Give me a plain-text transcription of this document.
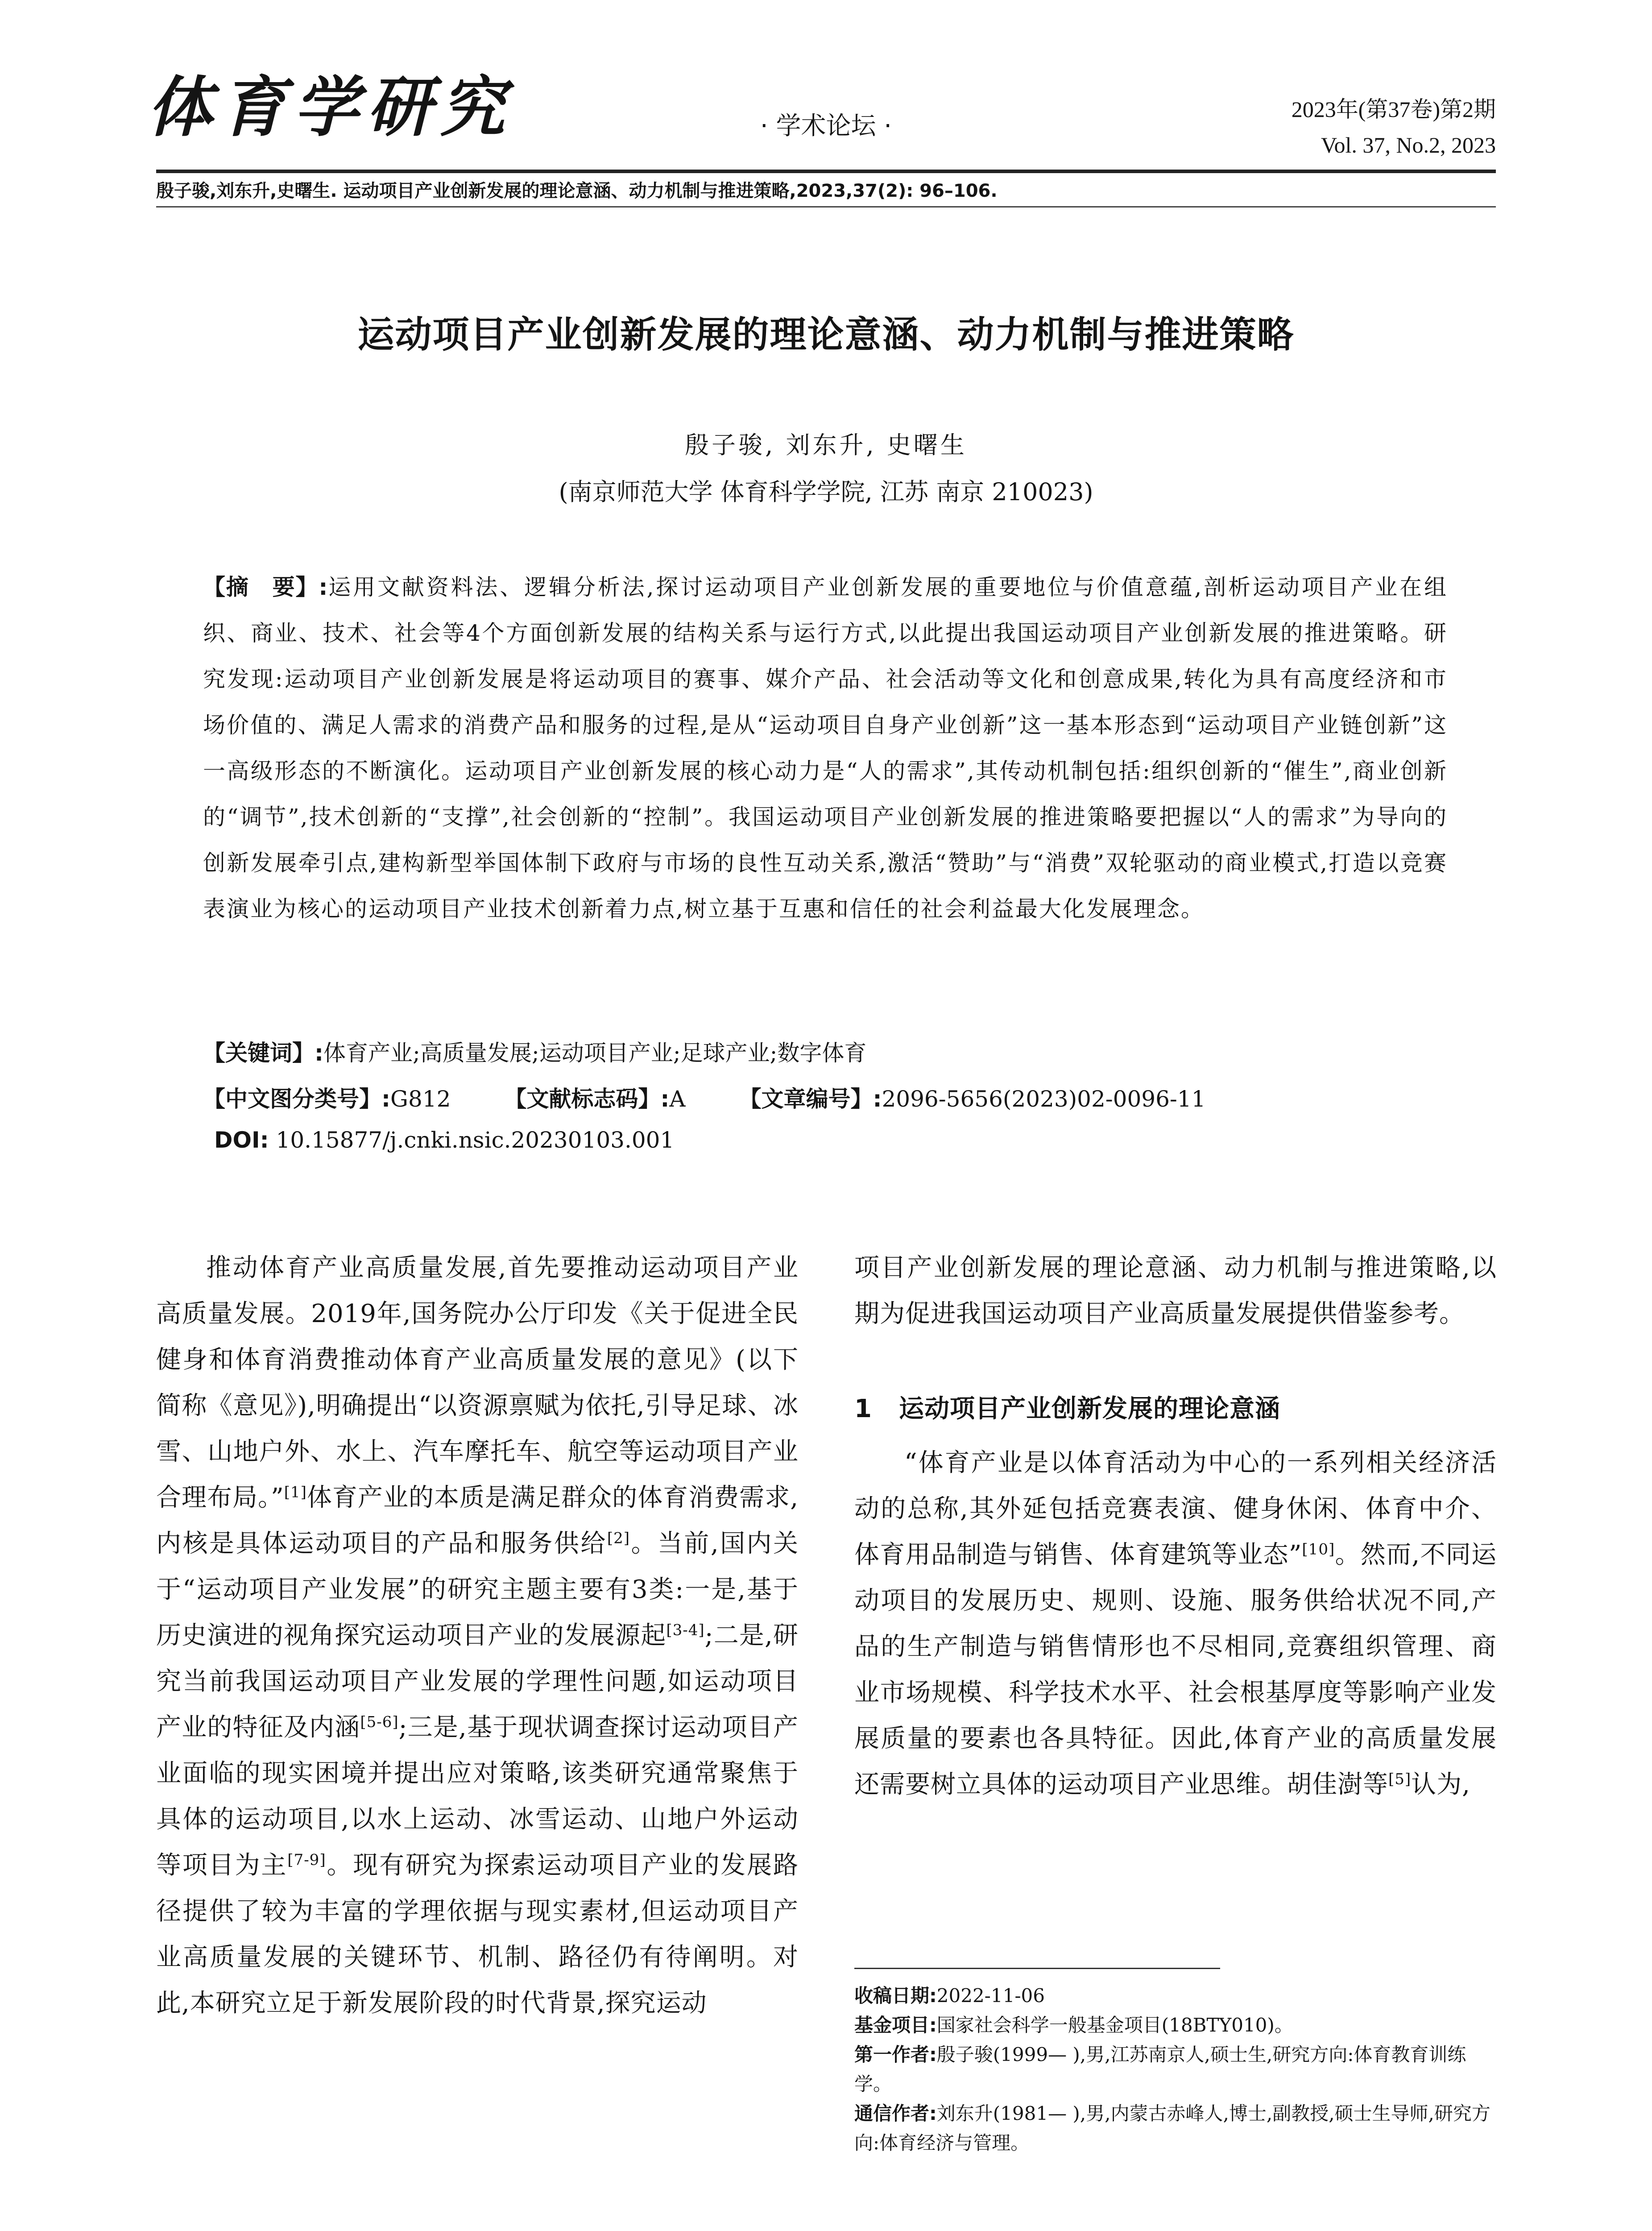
体育学研究	· 学术论坛 ·
2023年(第37卷)第2期
Vol. 37, No.2, 2023
殷子骏,刘东升,史曙生. 运动项目产业创新发展的理论意涵、动力机制与推进策略,2023,37(2): 96–106.
运动项目产业创新发展的理论意涵、动力机制与推进策略
殷子骏, 刘东升, 史曙生
(南京师范大学 体育科学学院, 江苏 南京 210023)
【摘　要】:运用文献资料法、逻辑分析法,探讨运动项目产业创新发展的重要地位与价值意蕴,剖析运动项目产业在组织、商业、技术、社会等4个方面创新发展的结构关系与运行方式,以此提出我国运动项目产业创新发展的推进策略。研究发现:运动项目产业创新发展是将运动项目的赛事、媒介产品、社会活动等文化和创意成果,转化为具有高度经济和市场价值的、满足人需求的消费产品和服务的过程,是从“运动项目自身产业创新”这一基本形态到“运动项目产业链创新”这一高级形态的不断演化。运动项目产业创新发展的核心动力是“人的需求”,其传动机制包括:组织创新的“催生”,商业创新的“调节”,技术创新的“支撑”,社会创新的“控制”。我国运动项目产业创新发展的推进策略要把握以“人的需求”为导向的创新发展牵引点,建构新型举国体制下政府与市场的良性互动关系,激活“赞助”与“消费”双轮驱动的商业模式,打造以竞赛表演业为核心的运动项目产业技术创新着力点,树立基于互惠和信任的社会利益最大化发展理念。
【关键词】:体育产业;高质量发展;运动项目产业;足球产业;数字体育
【中文图分类号】:G812 【文献标志码】:A 【文章编号】:2096-5656(2023)02-0096-11
DOI: 10.15877/j.cnki.nsic.20230103.001

推动体育产业高质量发展,首先要推动运动项目产业高质量发展。2019年,国务院办公厅印发《关于促进全民健身和体育消费推动体育产业高质量发展的意见》(以下简称《意见》),明确提出“以资源禀赋为依托,引导足球、冰雪、山地户外、水上、汽车摩托车、航空等运动项目产业合理布局。”[1]体育产业的本质是满足群众的体育消费需求,内核是具体运动项目的产品和服务供给[2]。当前,国内关于“运动项目产业发展”的研究主题主要有3类:一是,基于历史演进的视角探究运动项目产业的发展源起[3-4];二是,研究当前我国运动项目产业发展的学理性问题,如运动项目产业的特征及内涵[5-6];三是,基于现状调查探讨运动项目产业面临的现实困境并提出应对策略,该类研究通常聚焦于具体的运动项目,以水上运动、冰雪运动、山地户外运动等项目为主[7-9]。现有研究为探索运动项目产业的发展路径提供了较为丰富的学理依据与现实素材,但运动项目产业高质量发展的关键环节、机制、路径仍有待阐明。对此,本研究立足于新发展阶段的时代背景,探究运动

项目产业创新发展的理论意涵、动力机制与推进策略,以期为促进我国运动项目产业高质量发展提供借鉴参考。

1 运动项目产业创新发展的理论意涵

“体育产业是以体育活动为中心的一系列相关经济活动的总称,其外延包括竞赛表演、健身休闲、体育中介、体育用品制造与销售、体育建筑等业态”[10]。然而,不同运动项目的发展历史、规则、设施、服务供给状况不同,产品的生产制造与销售情形也不尽相同,竞赛组织管理、商业市场规模、科学技术水平、社会根基厚度等影响产业发展质量的要素也各具特征。因此,体育产业的高质量发展还需要树立具体的运动项目产业思维。胡佳澍等[5]认为,

收稿日期:2022-11-06
基金项目:国家社会科学一般基金项目(18BTY010)。
第一作者:殷子骏(1999— ),男,江苏南京人,硕士生,研究方向:体育教育训练学。
通信作者:刘东升(1981— ),男,内蒙古赤峰人,博士,副教授,硕士生导师,研究方向:体育经济与管理。
